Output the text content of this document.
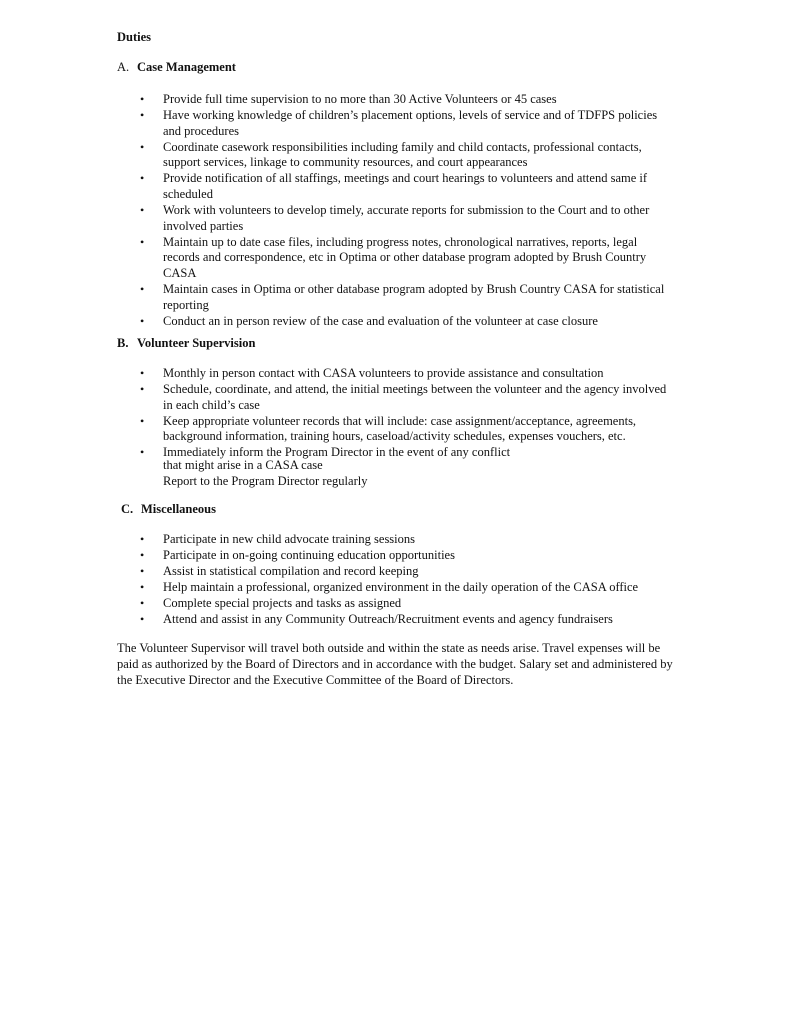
Duties
A. Case Management
• Provide full time supervision to no more than 30 Active Volunteers or 45 cases
• Have working knowledge of children’s placement options, levels of service and of TDFPS policies and procedures
• Coordinate casework responsibilities including family and child contacts, professional contacts, support services, linkage to community resources, and court appearances
• Provide notification of all staffings, meetings and court hearings to volunteers and attend same if scheduled
• Work with volunteers to develop timely, accurate reports for submission to the Court and to other involved parties
• Maintain up to date case files, including progress notes, chronological narratives, reports, legal records and correspondence, etc in Optima or other database program adopted by Brush Country CASA
• Maintain cases in Optima or other database program adopted by Brush Country CASA for statistical reporting
• Conduct an in person review of the case and evaluation of the volunteer at case closure
B. Volunteer Supervision
• Monthly in person contact with CASA volunteers to provide assistance and consultation
• Schedule, coordinate, and attend, the initial meetings between the volunteer and the agency involved in each child’s case
• Keep appropriate volunteer records that will include: case assignment/acceptance, agreements, background information, training hours, caseload/activity schedules, expenses vouchers, etc.
• Immediately inform the Program Director in the event of any conflict
that might arise in a CASA case
Report to the Program Director regularly
C. Miscellaneous
• Participate in new child advocate training sessions
• Participate in on-going continuing education opportunities
• Assist in statistical compilation and record keeping
• Help maintain a professional, organized environment in the daily operation of the CASA office
• Complete special projects and tasks as assigned
• Attend and assist in any Community Outreach/Recruitment events and agency fundraisers

The Volunteer Supervisor will travel both outside and within the state as needs arise. Travel expenses will be paid as authorized by the Board of Directors and in accordance with the budget. Salary set and administered by the Executive Director and the Executive Committee of the Board of Directors.
